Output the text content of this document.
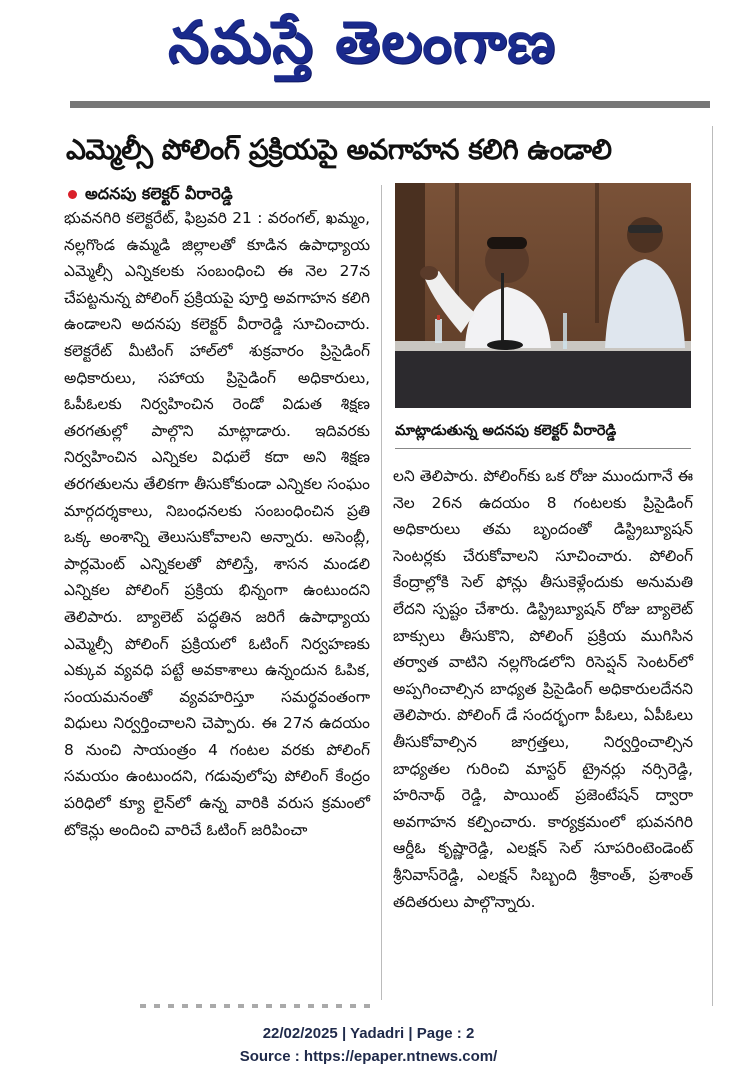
నమస్తే తెలంగాణ
ఎమ్మెల్సీ పోలింగ్ ప్రక్రియపై అవగాహన కలిగి ఉండాలి
అదనపు కలెక్టర్ వీరారెడ్డి

భువనగిరి కలెక్టరేట్, ఫిబ్రవరి 21 : వరంగల్, ఖమ్మం, నల్లగొండ ఉమ్మడి జిల్లాలతో కూడిన ఉపాధ్యాయ ఎమ్మెల్సీ ఎన్నికలకు సంబంధించి ఈ నెల 27న చేపట్టనున్న పోలింగ్ ప్రక్రియపై పూర్తి అవగాహన కలిగి ఉండాలని అదనపు కలెక్టర్ వీరారెడ్డి సూచించారు. కలెక్టరేట్ మీటింగ్ హాల్‌లో శుక్రవారం ప్రిసైడింగ్ అధికారులు, సహాయ ప్రిసైడింగ్ అధికారులు, ఓపీఓలకు నిర్వహించిన రెండో విడుత శిక్షణ తరగతుల్లో పాల్గొని మాట్లాడారు. ఇదివరకు నిర్వహించిన ఎన్నికల విధులే కదా అని శిక్షణ తరగతులను తేలికగా తీసుకోకుండా ఎన్నికల సంఘం మార్గదర్శకాలు, నిబంధనలకు సంబంధించిన ప్రతి ఒక్క అంశాన్ని తెలుసుకోవాలని అన్నారు. అసెంబ్లీ, పార్లమెంట్ ఎన్నికలతో పోలిస్తే, శాసన మండలి ఎన్నికల పోలింగ్ ప్రక్రియ భిన్నంగా ఉంటుందని తెలిపారు. బ్యాలెట్ పద్ధతిన జరిగే ఉపాధ్యాయ ఎమ్మెల్సీ పోలింగ్ ప్రక్రియలో ఓటింగ్ నిర్వహణకు ఎక్కువ వ్యవధి పట్టే అవకాశాలు ఉన్నందున ఓపిక, సంయమనంతో వ్యవహరిస్తూ సమర్థవంతంగా విధులు నిర్వర్తించాలని చెప్పారు. ఈ 27న ఉదయం 8 నుంచి సాయంత్రం 4 గంటల వరకు పోలింగ్ సమయం ఉంటుందని, గడువులోపు పోలింగ్ కేంద్రం పరిధిలో క్యూ లైన్‌లో ఉన్న వారికి వరుస క్రమంలో టోకెన్లు అందించి వారిచే ఓటింగ్ జరిపించా

మాట్లాడుతున్న అదనపు కలెక్టర్ వీరారెడ్డి

లని తెలిపారు. పోలింగ్‌కు ఒక రోజు ముందుగానే ఈ నెల 26న ఉదయం 8 గంటలకు ప్రిసైడింగ్ అధికారులు తమ బృందంతో డిస్ట్రిబ్యూషన్ సెంటర్లకు చేరుకోవాలని సూచించారు. పోలింగ్ కేంద్రాల్లోకి సెల్ ఫోన్లు తీసుకెళ్లేందుకు అనుమతి లేదని స్పష్టం చేశారు. డిస్ట్రిబ్యూషన్ రోజు బ్యాలెట్ బాక్సులు తీసుకొని, పోలింగ్ ప్రక్రియ ముగిసిన తర్వాత వాటిని నల్లగొండలోని రిసెప్షన్ సెంటర్‌లో అప్పగించాల్సిన బాధ్యత ప్రిసైడింగ్ అధికారులదేనని తెలిపారు. పోలింగ్ డే సందర్భంగా పీఓలు, ఏపీఓలు తీసుకోవాల్సిన జాగ్రత్తలు, నిర్వర్తించాల్సిన బాధ్యతల గురించి మాస్టర్ ట్రైనర్లు నర్సిరెడ్డి, హరినాథ్ రెడ్డి, పాయింట్ ప్రజెంటేషన్ ద్వారా అవగాహన కల్పించారు. కార్యక్రమంలో భువనగిరి ఆర్డీఓ కృష్ణారెడ్డి, ఎలక్షన్ సెల్ సూపరింటెండెంట్ శ్రీనివాస్‌రెడ్డి, ఎలక్షన్ సిబ్బంది శ్రీకాంత్, ప్రశాంత్ తదితరులు పాల్గొన్నారు.

22/02/2025 | Yadadri | Page : 2
Source : https://epaper.ntnews.com/
